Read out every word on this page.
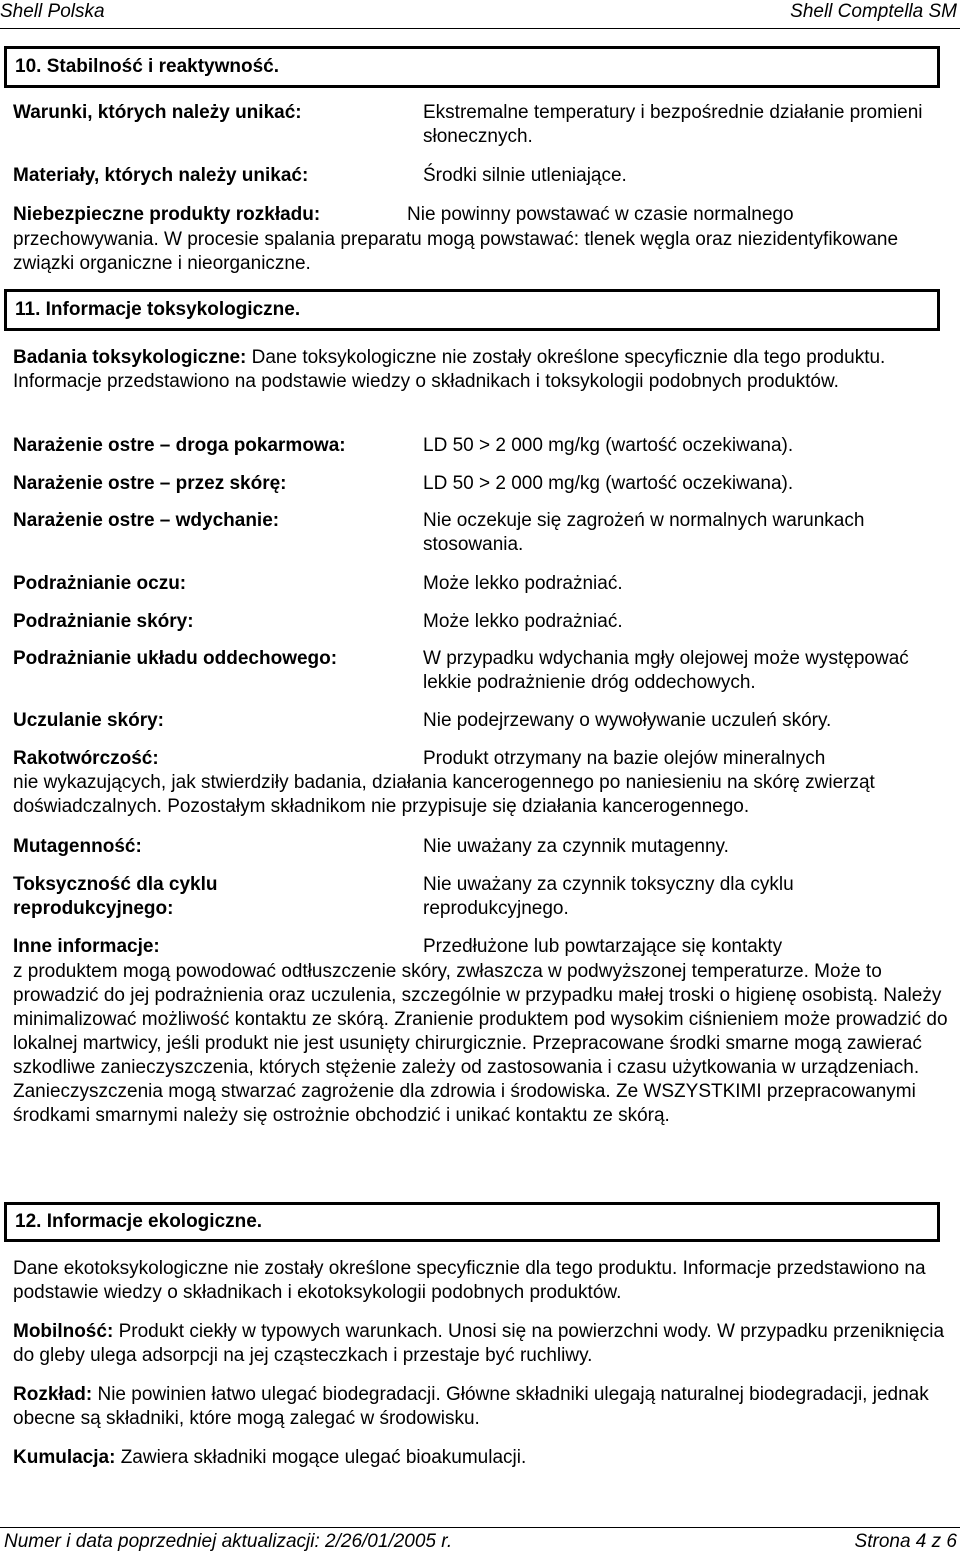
Shell Polska	Shell Comptella SM
10. Stabilność i reaktywność.
Warunki, których należy unikać:	Ekstremalne temperatury i bezpośrednie działanie promieni słonecznych.
Materiały, których należy unikać:	Środki silnie utleniające.
Niebezpieczne produkty rozkładu:	Nie powinny powstawać w czasie normalnego

przechowywania. W procesie spalania preparatu mogą powstawać: tlenek węgla oraz niezidentyfikowane związki organiczne i nieorganiczne.

11. Informacje toksykologiczne.

Badania toksykologiczne: Dane toksykologiczne nie zostały określone specyficznie dla tego produktu. Informacje przedstawiono na podstawie wiedzy o składnikach i toksykologii podobnych produktów.

Narażenie ostre – droga pokarmowa:	LD 50 > 2 000 mg/kg (wartość oczekiwana).
Narażenie ostre – przez skórę:	LD 50 > 2 000 mg/kg (wartość oczekiwana).
Narażenie ostre – wdychanie:	Nie oczekuje się zagrożeń w normalnych warunkach stosowania.
Podrażnianie oczu:	Może lekko podrażniać.
Podrażnianie skóry:	Może lekko podrażniać.
Podrażnianie układu oddechowego:	W przypadku wdychania mgły olejowej może występować lekkie podrażnienie dróg oddechowych.
Uczulanie skóry:	Nie podejrzewany o wywoływanie uczuleń skóry.
Rakotwórczość:	Produkt otrzymany na bazie olejów mineralnych

nie wykazujących, jak stwierdziły badania, działania kancerogennego po naniesieniu na skórę zwierząt doświadczalnych. Pozostałym składnikom nie przypisuje się działania kancerogennego.

Mutagenność:	Nie uważany za czynnik mutagenny.
Toksyczność dla cyklu reprodukcyjnego:
Nie uważany za czynnik toksyczny dla cyklu reprodukcyjnego.
Inne informacje:	Przedłużone lub powtarzające się kontakty

z produktem mogą powodować odtłuszczenie skóry, zwłaszcza w podwyższonej temperaturze. Może to prowadzić do jej podrażnienia oraz uczulenia, szczególnie w przypadku małej troski o higienę osobistą. Należy minimalizować możliwość kontaktu ze skórą. Zranienie produktem pod wysokim ciśnieniem może prowadzić do lokalnej martwicy, jeśli produkt nie jest usunięty chirurgicznie. Przepracowane środki smarne mogą zawierać szkodliwe zanieczyszczenia, których stężenie zależy od zastosowania i czasu użytkowania w urządzeniach. Zanieczyszczenia mogą stwarzać zagrożenie dla zdrowia i środowiska. Ze WSZYSTKIMI przepracowanymi środkami smarnymi należy się ostrożnie obchodzić i unikać kontaktu ze skórą.

12. Informacje ekologiczne.

Dane ekotoksykologiczne nie zostały określone specyficznie dla tego produktu. Informacje przedstawiono na podstawie wiedzy o składnikach i ekotoksykologii podobnych produktów.

Mobilność: Produkt ciekły w typowych warunkach. Unosi się na powierzchni wody. W przypadku przeniknięcia do gleby ulega adsorpcji na jej cząsteczkach i przestaje być ruchliwy.

Rozkład: Nie powinien łatwo ulegać biodegradacji. Główne składniki ulegają naturalnej biodegradacji, jednak obecne są składniki, które mogą zalegać w środowisku.

Kumulacja: Zawiera składniki mogące ulegać bioakumulacji.

Numer i data poprzedniej aktualizacji: 2/26/01/2005 r.	Strona 4 z 6
